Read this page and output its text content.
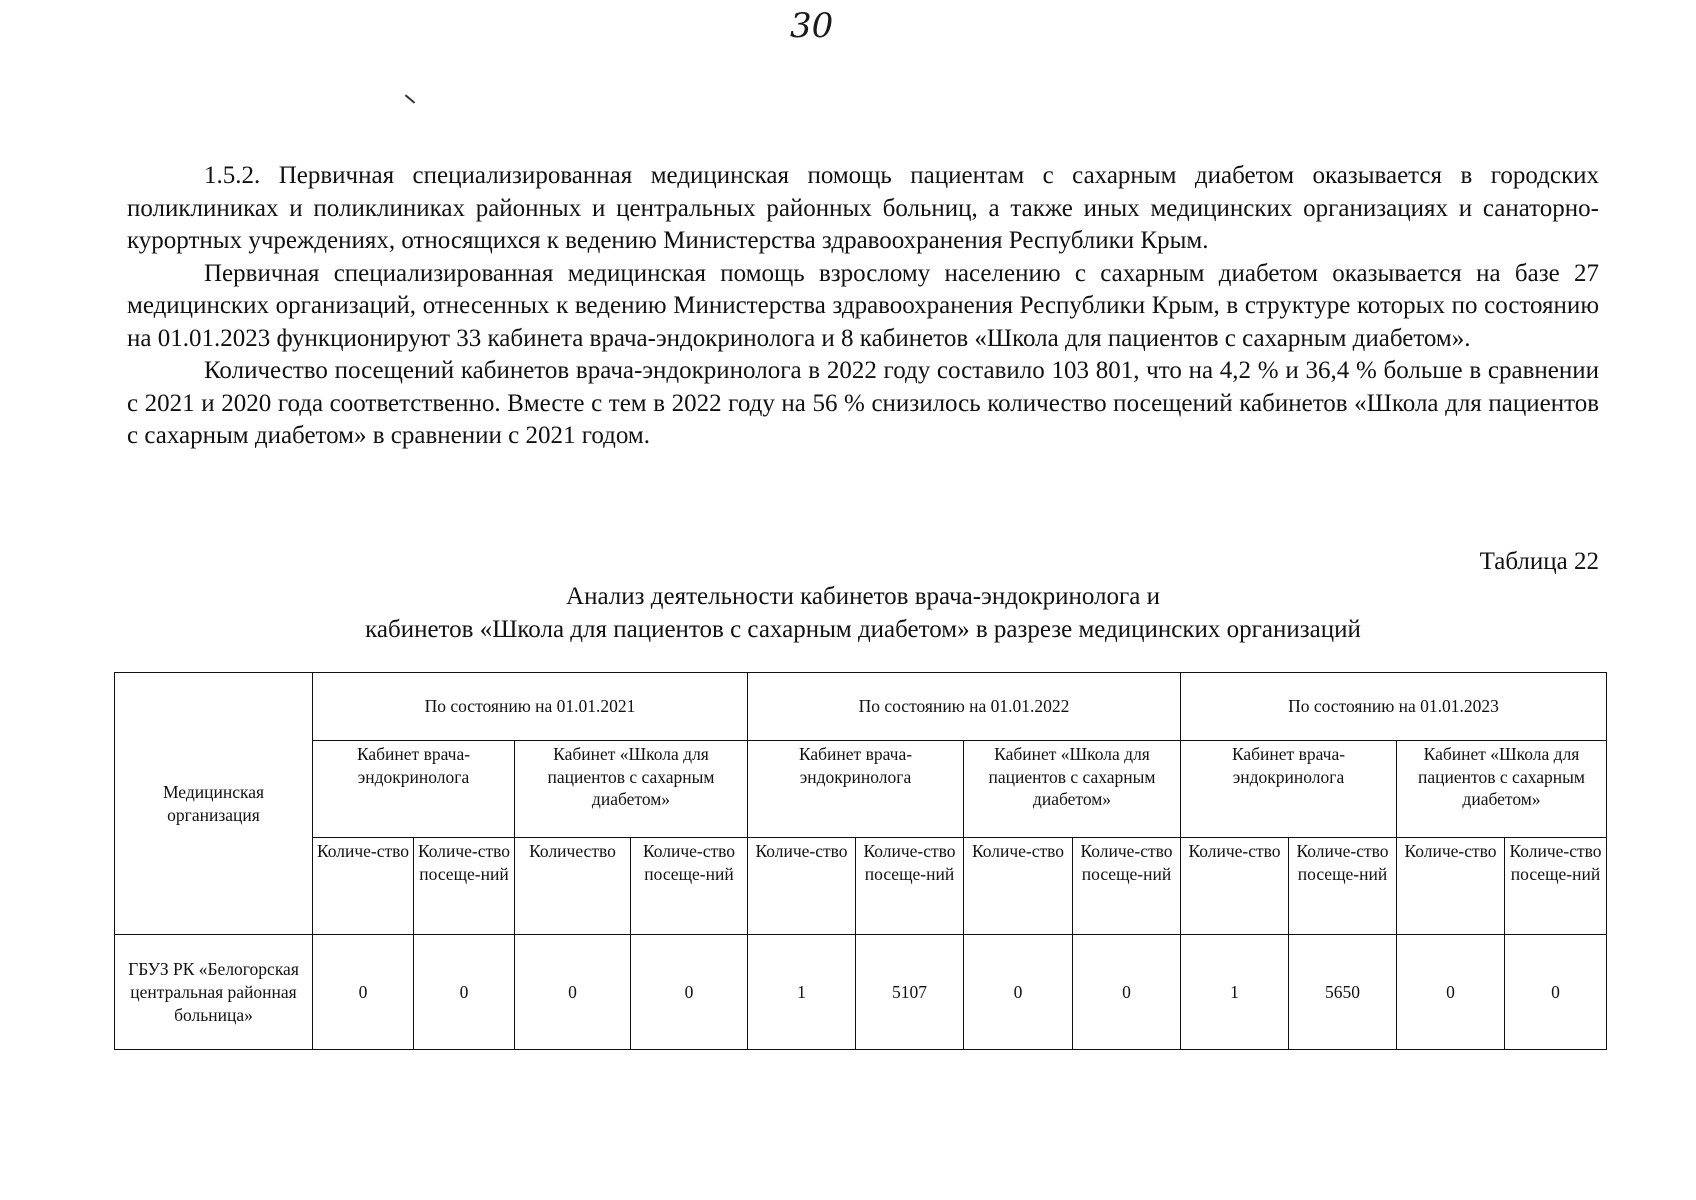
30

1.5.2. Первичная специализированная медицинская помощь пациентам с сахарным диабетом оказывается в городских поликлиниках и поликлиниках районных и центральных районных больниц, а также иных медицинских организациях и санаторно-курортных учреждениях, относящихся к ведению Министерства здравоохранения Республики Крым.

Первичная специализированная медицинская помощь взрослому населению с сахарным диабетом оказывается на базе 27 медицинских организаций, отнесенных к ведению Министерства здравоохранения Республики Крым, в структуре которых по состоянию на 01.01.2023 функционируют 33 кабинета врача-эндокринолога и 8 кабинетов «Школа для пациентов с сахарным диабетом».

Количество посещений кабинетов врача-эндокринолога в 2022 году составило 103 801, что на 4,2 % и 36,4 % больше в сравнении с 2021 и 2020 года соответственно. Вместе с тем в 2022 году на 56 % снизилось количество посещений кабинетов «Школа для пациентов с сахарным диабетом» в сравнении с 2021 годом.

Таблица 22
Анализ деятельности кабинетов врача-эндокринолога и
кабинетов «Школа для пациентов с сахарным диабетом» в разрезе медицинских организаций
Медицинская организация	По состоянию на 01.01.2021				По состоянию на 01.01.2022				По состоянию на 01.01.2023			
	Кабинет врача-эндокринолога		Кабинет «Школа для пациентов с сахарным диабетом»		Кабинет врача-эндокринолога		Кабинет «Школа для пациентов с сахарным диабетом»		Кабинет врача-эндокринолога		Кабинет «Школа для пациентов с сахарным диабетом»	
	Количе-ство	Количе-ство посеще-ний	Количество	Количе-ство посеще-ний	Количе-ство	Количе-ство посеще-ний	Количе-ство	Количе-ство посеще-ний	Количе-ство	Количе-ство посеще-ний	Количе-ство	Количе-ство посеще-ний
ГБУЗ РК «Белогорская центральная районная больница»	0	0	0	0	1	5107	0	0	1	5650	0	0
